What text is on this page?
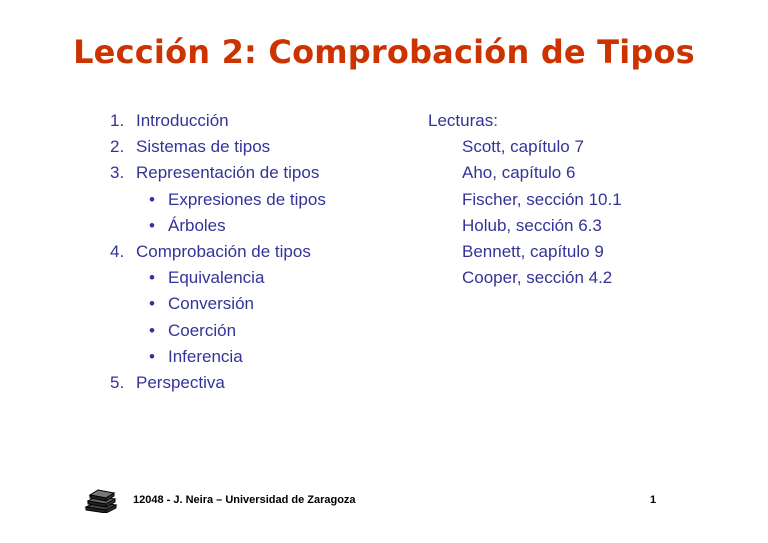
Lección 2: Comprobación de Tipos
1. Introducción
2. Sistemas de tipos
3. Representación de tipos
• Expresiones de tipos
• Árboles
4. Comprobación de tipos
• Equivalencia
• Conversión
• Coerción
• Inferencia
5. Perspectiva
Lecturas:
Scott, capítulo 7
Aho, capítulo 6
Fischer, sección 10.1
Holub, sección 6.3
Bennett, capítulo 9
Cooper, sección 4.2
12048 - J. Neira – Universidad de Zaragoza	1
